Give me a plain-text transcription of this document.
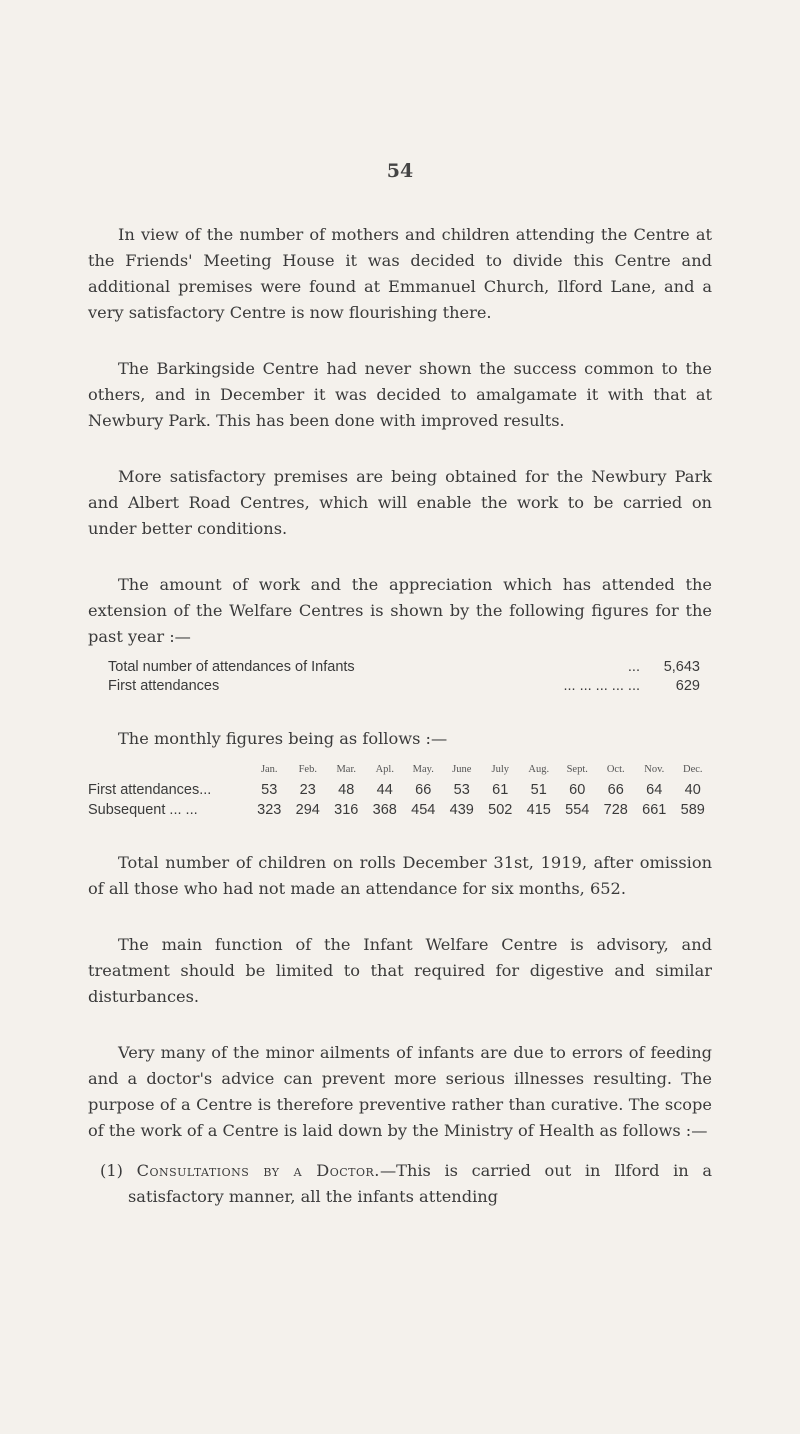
54

In view of the number of mothers and children attending the Centre at the Friends' Meeting House it was decided to divide this Centre and additional premises were found at Emmanuel Church, Ilford Lane, and a very satisfactory Centre is now flourishing there.

The Barkingside Centre had never shown the success common to the others, and in December it was decided to amalgamate it with that at Newbury Park. This has been done with improved results.

More satisfactory premises are being obtained for the Newbury Park and Albert Road Centres, which will enable the work to be carried on under better conditions.

The amount of work and the appreciation which has attended the extension of the Welfare Centres is shown by the following figures for the past year :—

Total number of attendances of Infants	...	5,643
First attendances	... ... ... ... ...	629

The monthly figures being as follows :—

Jan.	Feb.	Mar.	Apl.	May.	June	July	Aug.	Sept.	Oct.	Nov.	Dec.
First attendances...	53	23	48	44	66	53	61	51	60	66	64	40
Subsequent ... ...	323 294 316 368 454 439 502 415 554 728 661 589

Total number of children on rolls December 31st, 1919, after omission of all those who had not made an attendance for six months, 652.

The main function of the Infant Welfare Centre is advisory, and treatment should be limited to that required for digestive and similar disturbances.

Very many of the minor ailments of infants are due to errors of feeding and a doctor's advice can prevent more serious illnesses resulting. The purpose of a Centre is therefore preventive rather than curative. The scope of the work of a Centre is laid down by the Ministry of Health as follows :—

(1) Consultations by a Doctor.—This is carried out in Ilford in a satisfactory manner, all the infants attending
